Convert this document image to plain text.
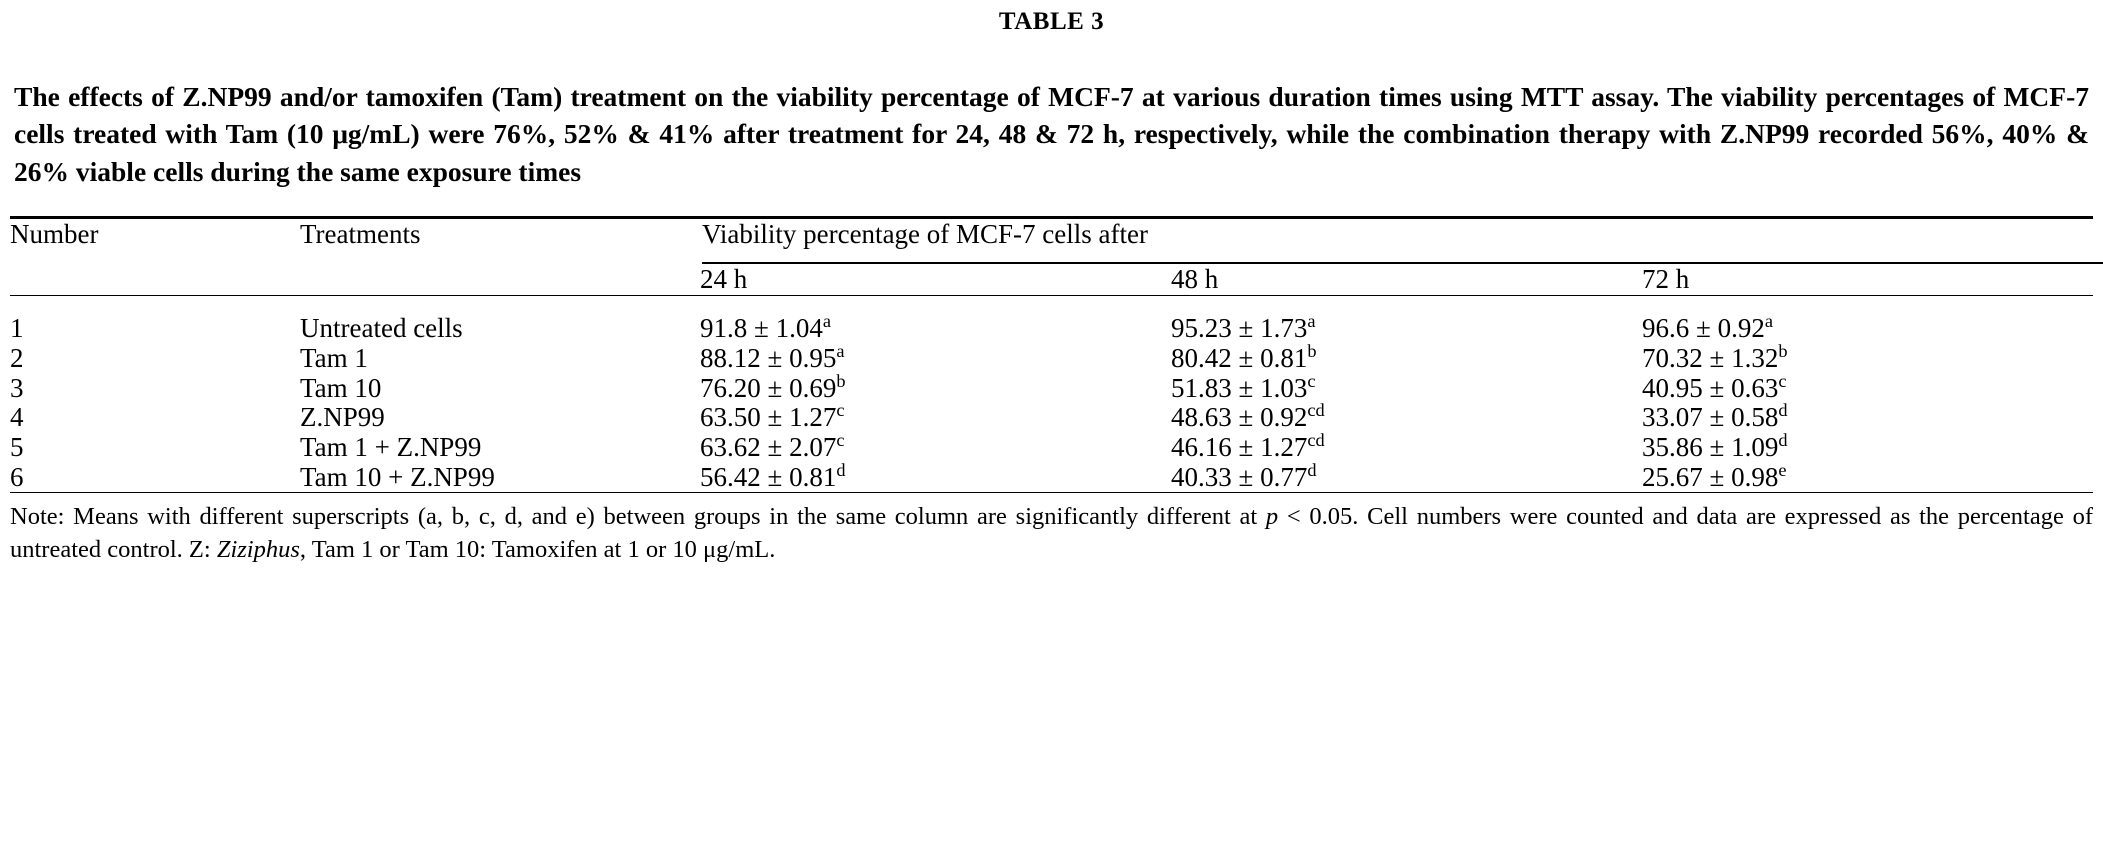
TABLE 3
The effects of Z.NP99 and/or tamoxifen (Tam) treatment on the viability percentage of MCF-7 at various duration times using MTT assay. The viability percentages of MCF-7 cells treated with Tam (10 μg/mL) were 76%, 52% & 41% after treatment for 24, 48 & 72 h, respectively, while the combination therapy with Z.NP99 recorded 56%, 40% & 26% viable cells during the same exposure times
Number	Treatments	Viability percentage of MCF-7 cells after		

		24 h	48 h	72 h
1	Untreated cells	91.8 ± 1.04$^a$	95.23 ± 1.73$^a$	96.6 ± 0.92$^a$
2	Tam 1	88.12 ± 0.95$^a$	80.42 ± 0.81$^b$	70.32 ± 1.32$^b$
3	Tam 10	76.20 ± 0.69$^b$	51.83 ± 1.03$^c$	40.95 ± 0.63$^c$
4	Z.NP99	63.50 ± 1.27$^c$	48.63 ± 0.92$^{cd}$	33.07 ± 0.58$^d$
5	Tam 1 + Z.NP99	63.62 ± 2.07$^c$	46.16 ± 1.27$^{cd}$	35.86 ± 1.09$^d$
6	Tam 10 + Z.NP99	56.42 ± 0.81$^d$	40.33 ± 0.77$^d$	25.67 ± 0.98$^e$
Note: Means with different superscripts (a, b, c, d, and e) between groups in the same column are significantly different at p < 0.05. Cell numbers were counted and data are expressed as the percentage of untreated control. Z: Ziziphus, Tam 1 or Tam 10: Tamoxifen at 1 or 10 μg/mL.
